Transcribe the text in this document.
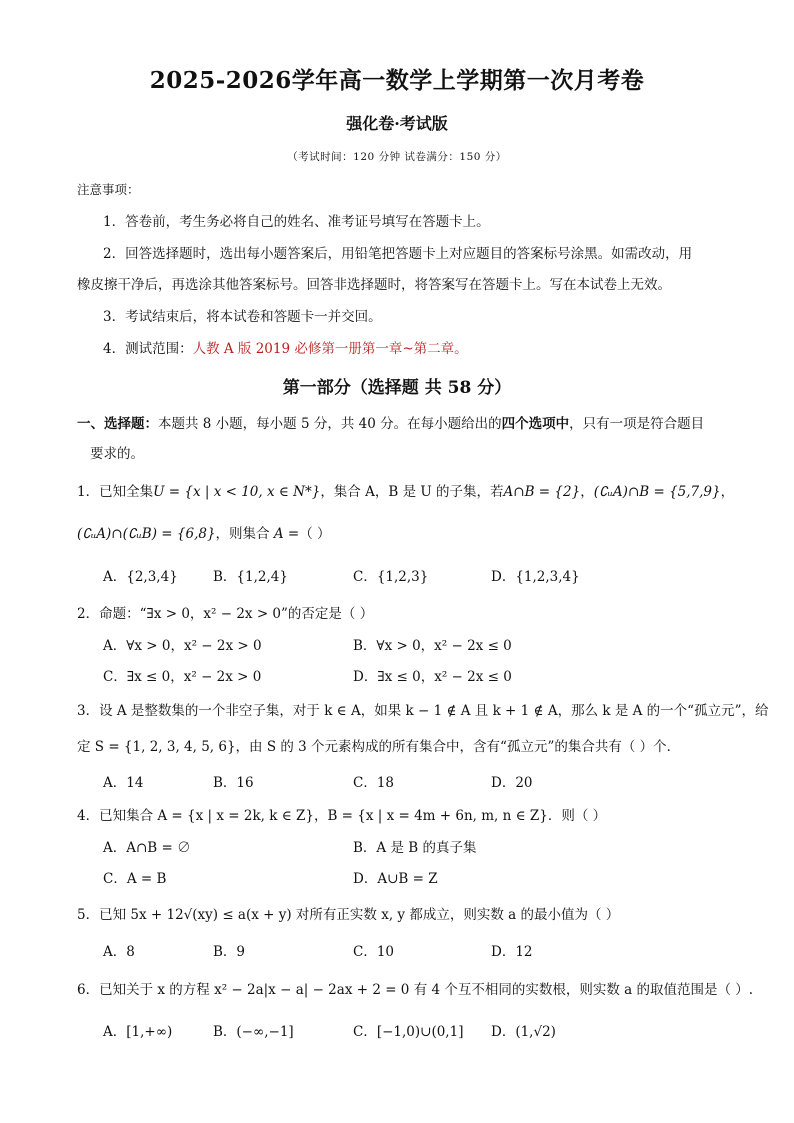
2025-2026学年高一数学上学期第一次月考卷
强化卷·考试版
（考试时间：120 分钟 试卷满分：150 分）
注意事项：
1．答卷前，考生务必将自己的姓名、准考证号填写在答题卡上。
2．回答选择题时，选出每小题答案后，用铅笔把答题卡上对应题目的答案标号涂黑。如需改动，用
橡皮擦干净后，再选涂其他答案标号。回答非选择题时，将答案写在答题卡上。写在本试卷上无效。
3．考试结束后，将本试卷和答题卡一并交回。
4．测试范围：人教 A 版 2019 必修第一册第一章~第二章。
第一部分（选择题 共 58 分）
一、选择题：本题共 8 小题，每小题 5 分，共 40 分。在每小题给出的四个选项中，只有一项是符合题目
要求的。
1．已知全集U = {x | x < 10, x ∈ N*}，集合 A，B 是 U 的子集，若A∩B = {2}，(∁ᵤA)∩B = {5,7,9}，
(∁ᵤA)∩(∁ᵤB) = {6,8}，则集合 A =（ ）
A．{2,3,4}	B．{1,2,4}	C．{1,2,3}	D．{1,2,3,4}
2．命题：“∃x > 0，x² − 2x > 0”的否定是（ ）
A．∀x > 0，x² − 2x > 0	B．∀x > 0，x² − 2x ≤ 0
C．∃x ≤ 0，x² − 2x > 0	D．∃x ≤ 0，x² − 2x ≤ 0
3．设 A 是整数集的一个非空子集，对于 k ∈ A，如果 k − 1 ∉ A 且 k + 1 ∉ A，那么 k 是 A 的一个“孤立元”，给
定 S = {1, 2, 3, 4, 5, 6}，由 S 的 3 个元素构成的所有集合中，含有“孤立元”的集合共有（ ）个．
A．14	B．16	C．18	D．20
4．已知集合 A = {x | x = 2k, k ∈ Z}，B = {x | x = 4m + 6n, m, n ∈ Z}．则（ ）
A．A∩B = ∅	B．A 是 B 的真子集
C．A = B	D．A∪B = Z
5．已知 5x + 12√(xy) ≤ a(x + y) 对所有正实数 x, y 都成立，则实数 a 的最小值为（ ）
A．8	B．9	C．10	D．12
6．已知关于 x 的方程 x² − 2a|x − a| − 2ax + 2 = 0 有 4 个互不相同的实数根，则实数 a 的取值范围是（ ）.
A．[1,+∞)	B．(−∞,−1]	C．[−1,0)∪(0,1] D．(1,√2)
